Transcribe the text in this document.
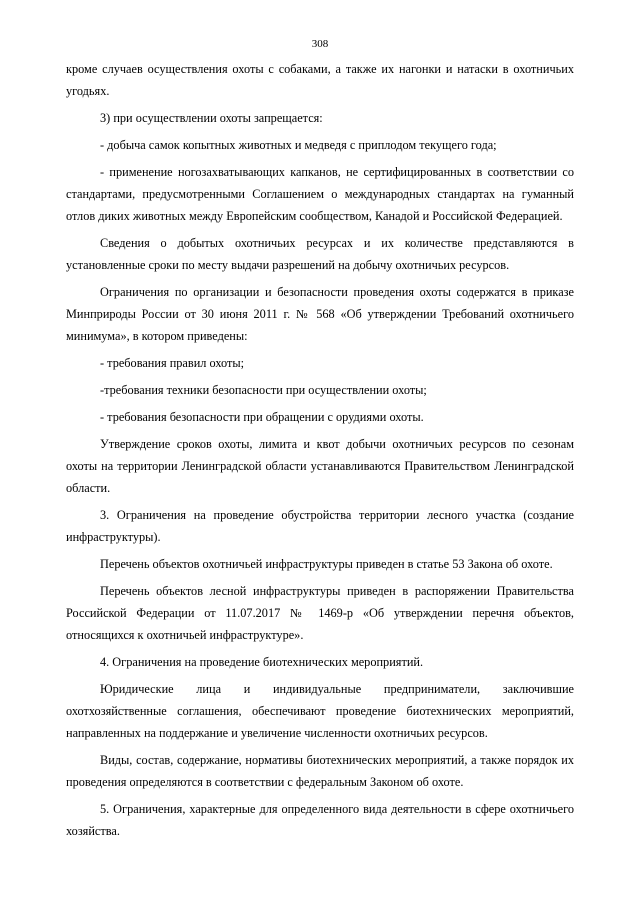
308

кроме случаев осуществления охоты с собаками, а также их нагонки и натаски в охотничьих угодьях.

3) при осуществлении охоты запрещается:

- добыча самок копытных животных и медведя с приплодом текущего года;

- применение ногозахватывающих капканов, не сертифицированных в соответствии со стандартами, предусмотренными Соглашением о международных стандартах на гуманный отлов диких животных между Европейским сообществом, Канадой и Российской Федерацией.

Сведения о добытых охотничьих ресурсах и их количестве представляются в установленные сроки по месту выдачи разрешений на добычу охотничьих ресурсов.

Ограничения по организации и безопасности проведения охоты содержатся в приказе Минприроды России от 30 июня 2011 г. № 568 «Об утверждении Требований охотничьего минимума», в котором приведены:

- требования правил охоты;

-требования техники безопасности при осуществлении охоты;

- требования безопасности при обращении с орудиями охоты.

Утверждение сроков охоты, лимита и квот добычи охотничьих ресурсов по сезонам охоты на территории Ленинградской области устанавливаются Правительством Ленинградской области.

3. Ограничения на проведение обустройства территории лесного участка (создание инфраструктуры).

Перечень объектов охотничьей инфраструктуры приведен в статье 53 Закона об охоте.

Перечень объектов лесной инфраструктуры приведен в распоряжении Правительства Российской Федерации от 11.07.2017 № 1469-р «Об утверждении перечня объектов, относящихся к охотничьей инфраструктуре».

4. Ограничения на проведение биотехнических мероприятий.

Юридические лица и индивидуальные предприниматели, заключившие охотхозяйственные соглашения, обеспечивают проведение биотехнических мероприятий, направленных на поддержание и увеличение численности охотничьих ресурсов.

Виды, состав, содержание, нормативы биотехнических мероприятий, а также порядок их проведения определяются в соответствии с федеральным Законом об охоте.

5. Ограничения, характерные для определенного вида деятельности в сфере охотничьего хозяйства.
